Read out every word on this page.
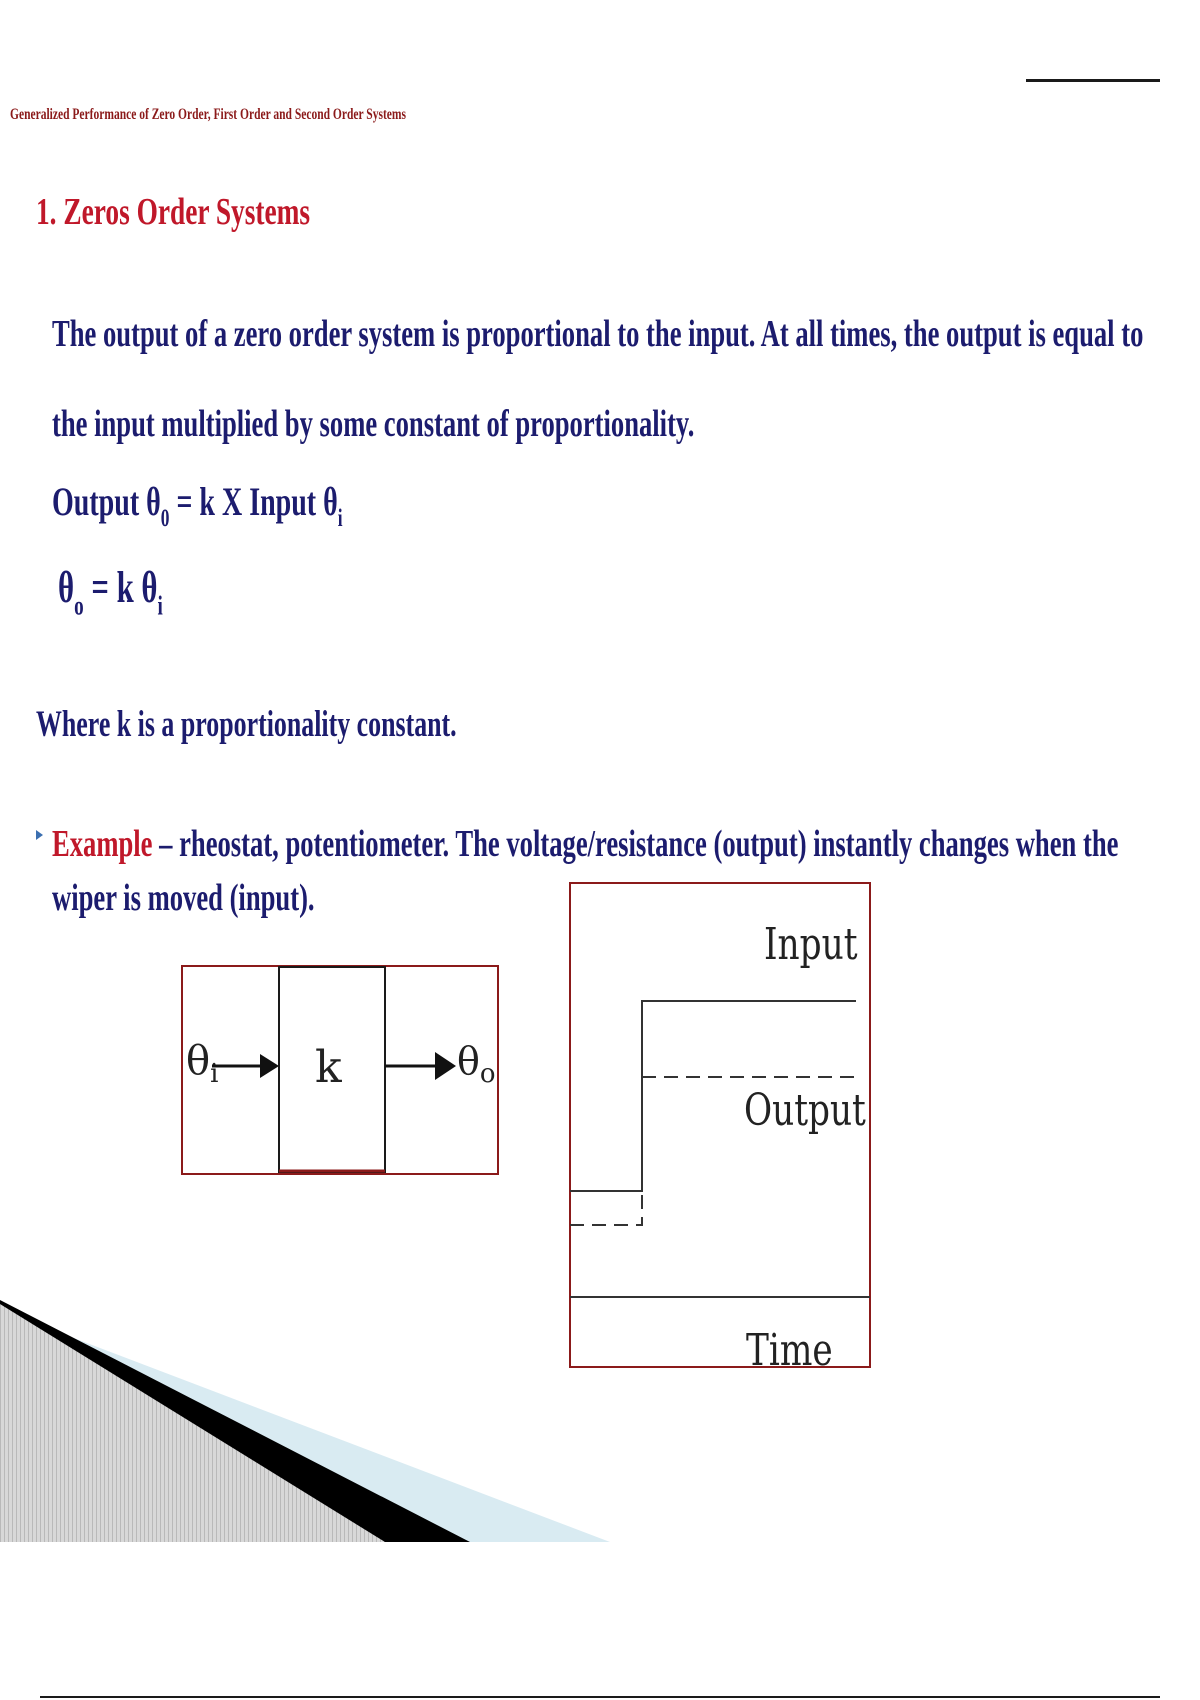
Generalized Performance of Zero Order, First Order and Second Order Systems
1. Zeros Order Systems
The output of a zero order system is proportional to the input. At all times, the output is equal to
the input multiplied by some constant of proportionality.
Output $\theta_0 = k$ X Input $\theta_i$
$\theta_o = k$ $\theta_i$
Where k is a proportionality constant.
Example – rheostat, potentiometer. The voltage/resistance (output) instantly changes when the
wiper is moved (input).
$\theta_i$ k	$\theta_o$
Input
Output
Time
